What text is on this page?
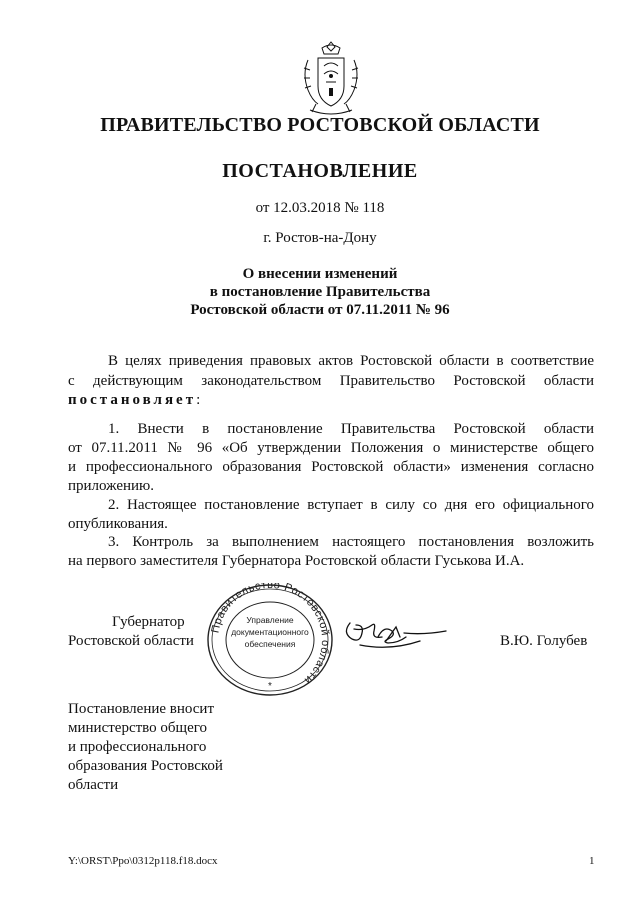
ПРАВИТЕЛЬСТВО РОСТОВСКОЙ ОБЛАСТИ
ПОСТАНОВЛЕНИЕ
от 12.03.2018 № 118
г. Ростов-на-Дону
О внесении изменений
в постановление Правительства
Ростовской области от 07.11.2011 № 96
В целях приведения правовых актов Ростовской области в соответствие
с действующим законодательством Правительство Ростовской области
постановляет:
1. Внести в постановление Правительства Ростовской области
от 07.11.2011 № 96 «Об утверждении Положения о министерстве общего
и профессионального образования Ростовской области» изменения согласно
приложению.
2. Настоящее постановление вступает в силу со дня его официального
опубликования.
3. Контроль за выполнением настоящего постановления возложить
на первого заместителя Губернатора Ростовской области Гуськова И.А.
Губернатор
Ростовской области
Правительство Ростовской области
Управление
документационного
обеспечения
*
В.Ю. Голубев
Постановление вносит
министерство общего
и профессионального
образования Ростовской
области
Y:\ORST\Ppo\0312p118.f18.docx	1
